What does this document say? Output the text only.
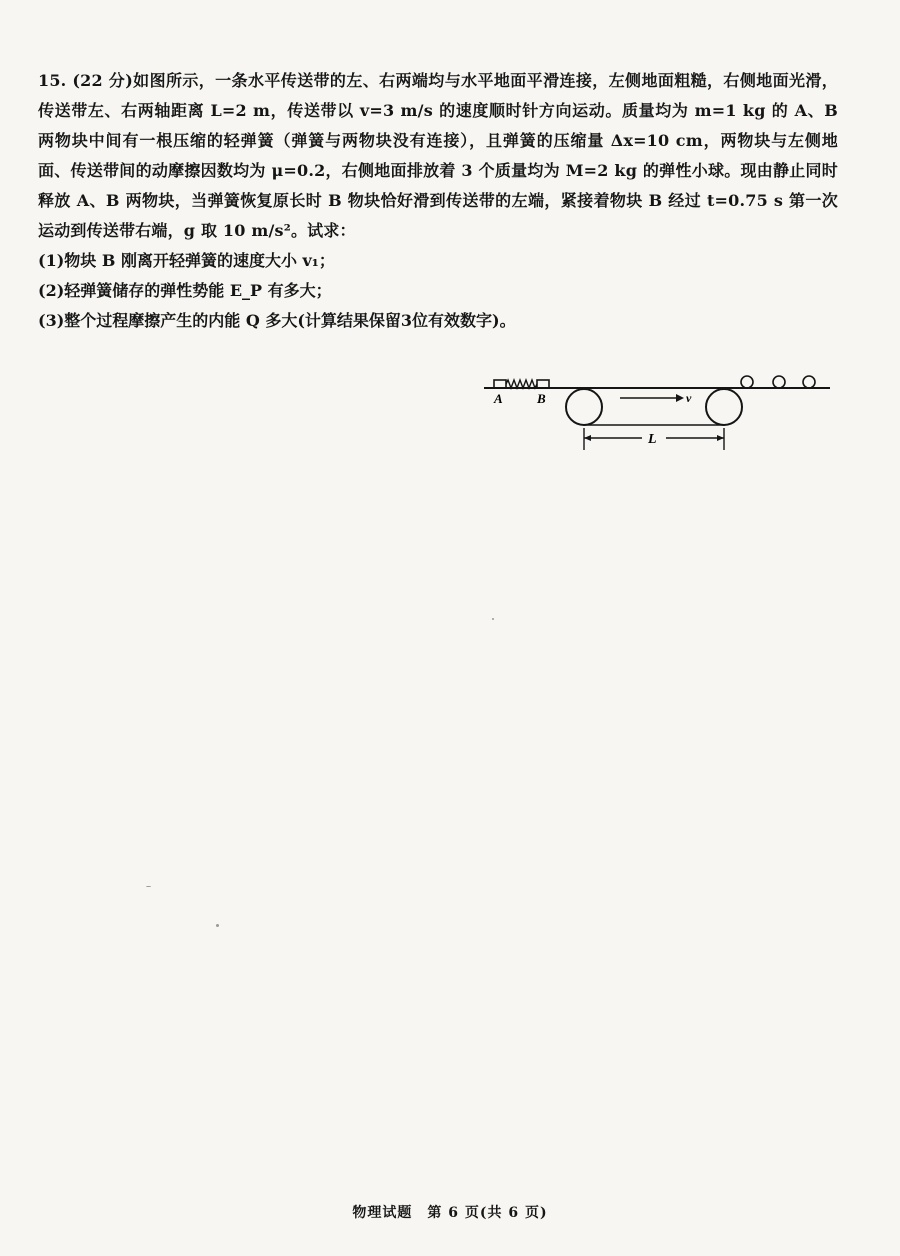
15. (22 分)如图所示，一条水平传送带的左、右两端均与水平地面平滑连接，左侧地面粗糙，右侧地面光滑，传送带左、右两轴距离 L=2 m，传送带以 v=3 m/s 的速度顺时针方向运动。质量均为 m=1 kg 的 A、B 两物块中间有一根压缩的轻弹簧（弹簧与两物块没有连接），且弹簧的压缩量 Δx=10 cm，两物块与左侧地面、传送带间的动摩擦因数均为 μ=0.2，右侧地面排放着 3 个质量均为 M=2 kg 的弹性小球。现由静止同时释放 A、B 两物块，当弹簧恢复原长时 B 物块恰好滑到传送带的左端，紧接着物块 B 经过 t=0.75 s 第一次运动到传送带右端，g 取 10 m/s²。试求：

(1)物块 B 刚离开轻弹簧的速度大小 v₁；
(2)轻弹簧储存的弹性势能 E_P 有多大；
(3)整个过程摩擦产生的内能 Q 多大(计算结果保留3位有效数字)。
A	B	v
L
物理试题　第 6 页(共 6 页)
